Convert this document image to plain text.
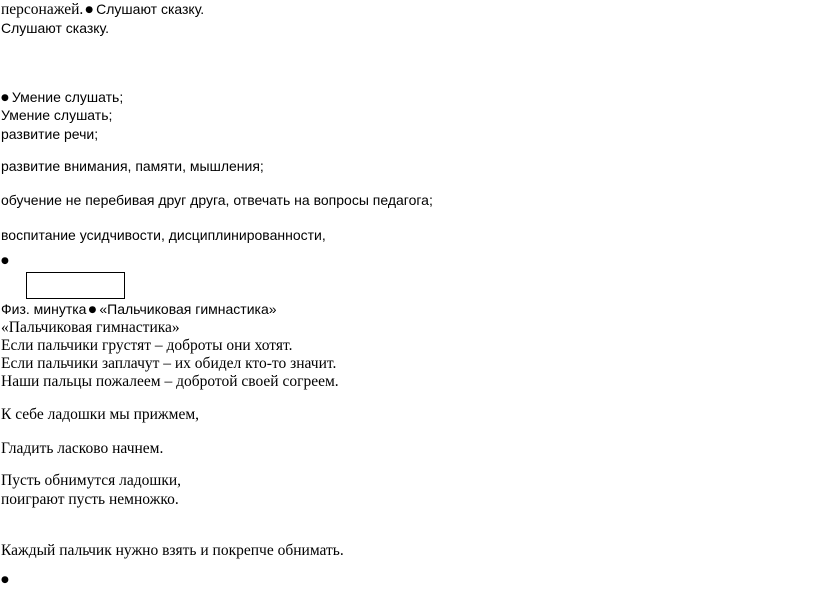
персонажей. ● Слушают сказку.
Слушают сказку.
● Умение слушать;
Умение слушать;
развитие речи;
развитие внимания, памяти, мышления;
обучение не перебивая друг друга, отвечать на вопросы педагога;
воспитание усидчивости, дисциплинированности,
●
Физ. минутка ● «Пальчиковая гимнастика»
«Пальчиковая гимнастика»
Если пальчики грустят – доброты они хотят.
Если пальчики заплачут – их обидел кто-то значит.
Наши пальцы пожалеем – добротой своей согреем.
К себе ладошки мы прижмем,
Гладить ласково начнем.
Пусть обнимутся ладошки,
поиграют пусть немножко.
Каждый пальчик нужно взять и покрепче обнимать.
●
